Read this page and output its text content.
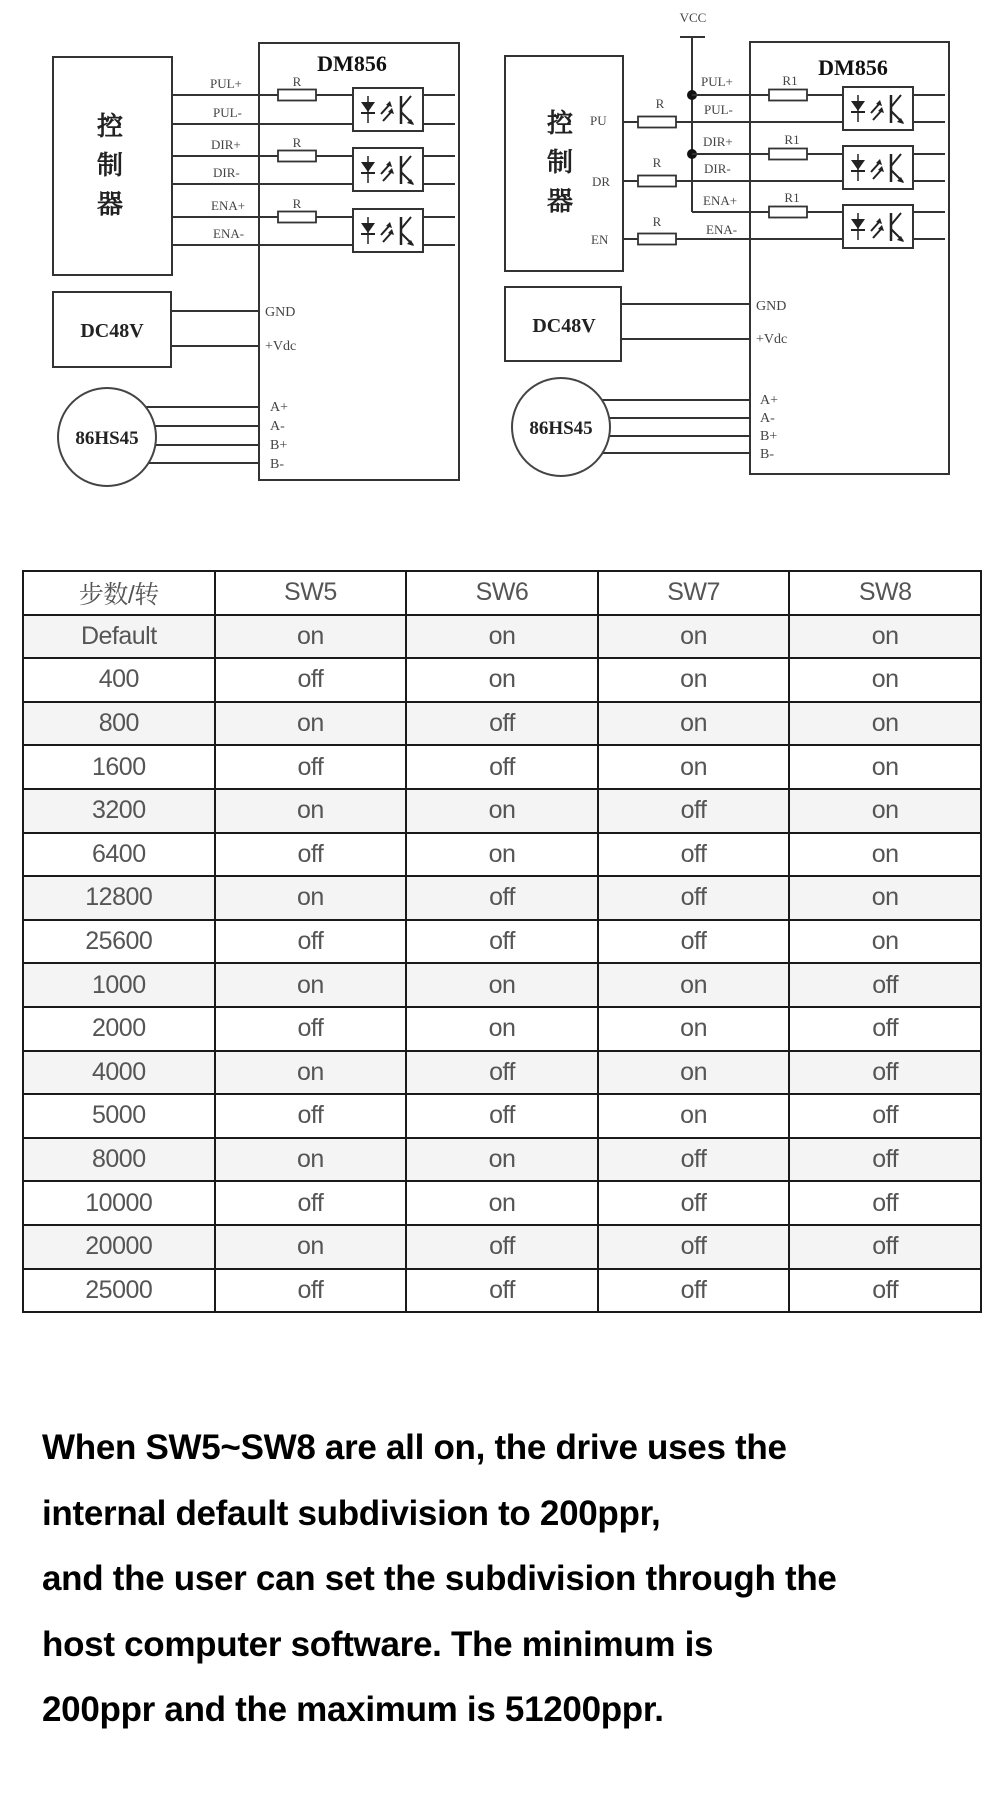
控
制
器
DM856
R
R
R
PUL+
PUL-
DIR+
DIR-
ENA+
ENA-
DC48V
GND
+Vdc
86HS45
A+
A-
B+
B-
VCC
控
制
器
PU
DR
EN
DM856
R
R
R
R1
R1
R1
PUL+
PUL-
DIR+
DIR-
ENA+
ENA-
DC48V
GND
+Vdc
86HS45
A+
A-
B+
B-
步数/转	SW5	SW6	SW7	SW8
Default	on	on	on	on
400	off	on	on	on
800	on	off	on	on
1600	off	off	on	on
3200	on	on	off	on
6400	off	on	off	on
12800	on	off	off	on
25600	off	off	off	on
1000	on	on	on	off
2000	off	on	on	off
4000	on	off	on	off
5000	off	off	on	off
8000	on	on	off	off
10000	off	on	off	off
20000	on	off	off	off
25000	off	off	off	off

When SW5~SW8 are all on, the drive uses the

internal default subdivision to 200ppr,

and the user can set the subdivision through the

host computer software. The minimum is

200ppr and the maximum is 51200ppr.
